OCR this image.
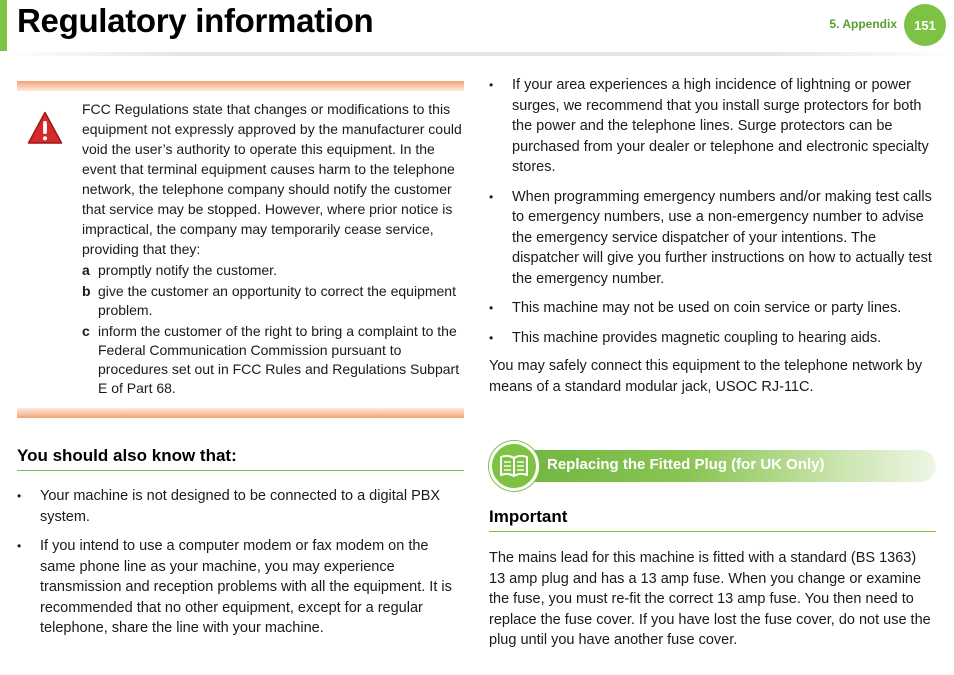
Regulatory information	5. Appendix	151

FCC Regulations state that changes or modifications to this equipment not expressly approved by the manufacturer could void the user’s authority to operate this equipment. In the event that terminal equipment causes harm to the telephone network, the telephone company should notify the customer that service may be stopped. However, where prior notice is impractical, the company may temporarily cease service, providing that they:

a promptly notify the customer.
b give the customer an opportunity to correct the equipment problem.
c inform the customer of the right to bring a complaint to the Federal Communication Commission pursuant to procedures set out in FCC Rules and Regulations Subpart E of Part 68.
You should also know that:
• Your machine is not designed to be connected to a digital PBX system.
• If you intend to use a computer modem or fax modem on the same phone line as your machine, you may experience transmission and reception problems with all the equipment. It is recommended that no other equipment, except for a regular telephone, share the line with your machine.
• If your area experiences a high incidence of lightning or power surges, we recommend that you install surge protectors for both the power and the telephone lines. Surge protectors can be purchased from your dealer or telephone and electronic specialty stores.
• When programming emergency numbers and/or making test calls to emergency numbers, use a non-emergency number to advise the emergency service dispatcher of your intentions. The dispatcher will give you further instructions on how to actually test the emergency number.
• This machine may not be used on coin service or party lines.
• This machine provides magnetic coupling to hearing aids.

You may safely connect this equipment to the telephone network by means of a standard modular jack, USOC RJ-11C.

Replacing the Fitted Plug (for UK Only)
Important

The mains lead for this machine is fitted with a standard (BS 1363) 13 amp plug and has a 13 amp fuse. When you change or examine the fuse, you must re-fit the correct 13 amp fuse. You then need to replace the fuse cover. If you have lost the fuse cover, do not use the plug until you have another fuse cover.
